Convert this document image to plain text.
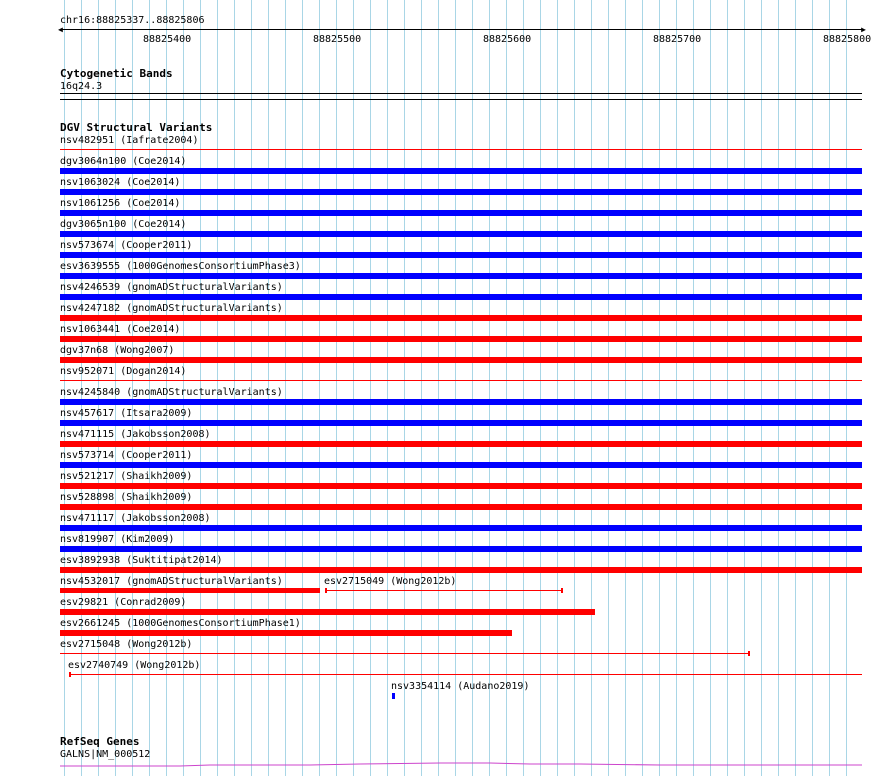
chr16:88825337..88825806
◀	▶
88825400	88825500	88825600	88825700	88825800
Cytogenetic Bands
16q24.3
DGV Structural Variants
nsv482951 (Iafrate2004)
dgv3064n100 (Coe2014)
nsv1063024 (Coe2014)
nsv1061256 (Coe2014)
dgv3065n100 (Coe2014)
nsv573674 (Cooper2011)
esv3639555 (1000GenomesConsortiumPhase3)
nsv4246539 (gnomADStructuralVariants)
nsv4247182 (gnomADStructuralVariants)
nsv1063441 (Coe2014)
dgv37n68 (Wong2007)
nsv952071 (Dogan2014)
nsv4245840 (gnomADStructuralVariants)
nsv457617 (Itsara2009)
nsv471115 (Jakobsson2008)
nsv573714 (Cooper2011)
nsv521217 (Shaikh2009)
nsv528898 (Shaikh2009)
nsv471117 (Jakobsson2008)
nsv819907 (Kim2009)
esv3892938 (Suktitipat2014)
nsv4532017 (gnomADStructuralVariants)	esv2715049 (Wong2012b)
esv29821 (Conrad2009)
esv2661245 (1000GenomesConsortiumPhase1)
esv2715048 (Wong2012b)
esv2740749 (Wong2012b)
nsv3354114 (Audano2019)
RefSeq Genes
GALNS|NM_000512
